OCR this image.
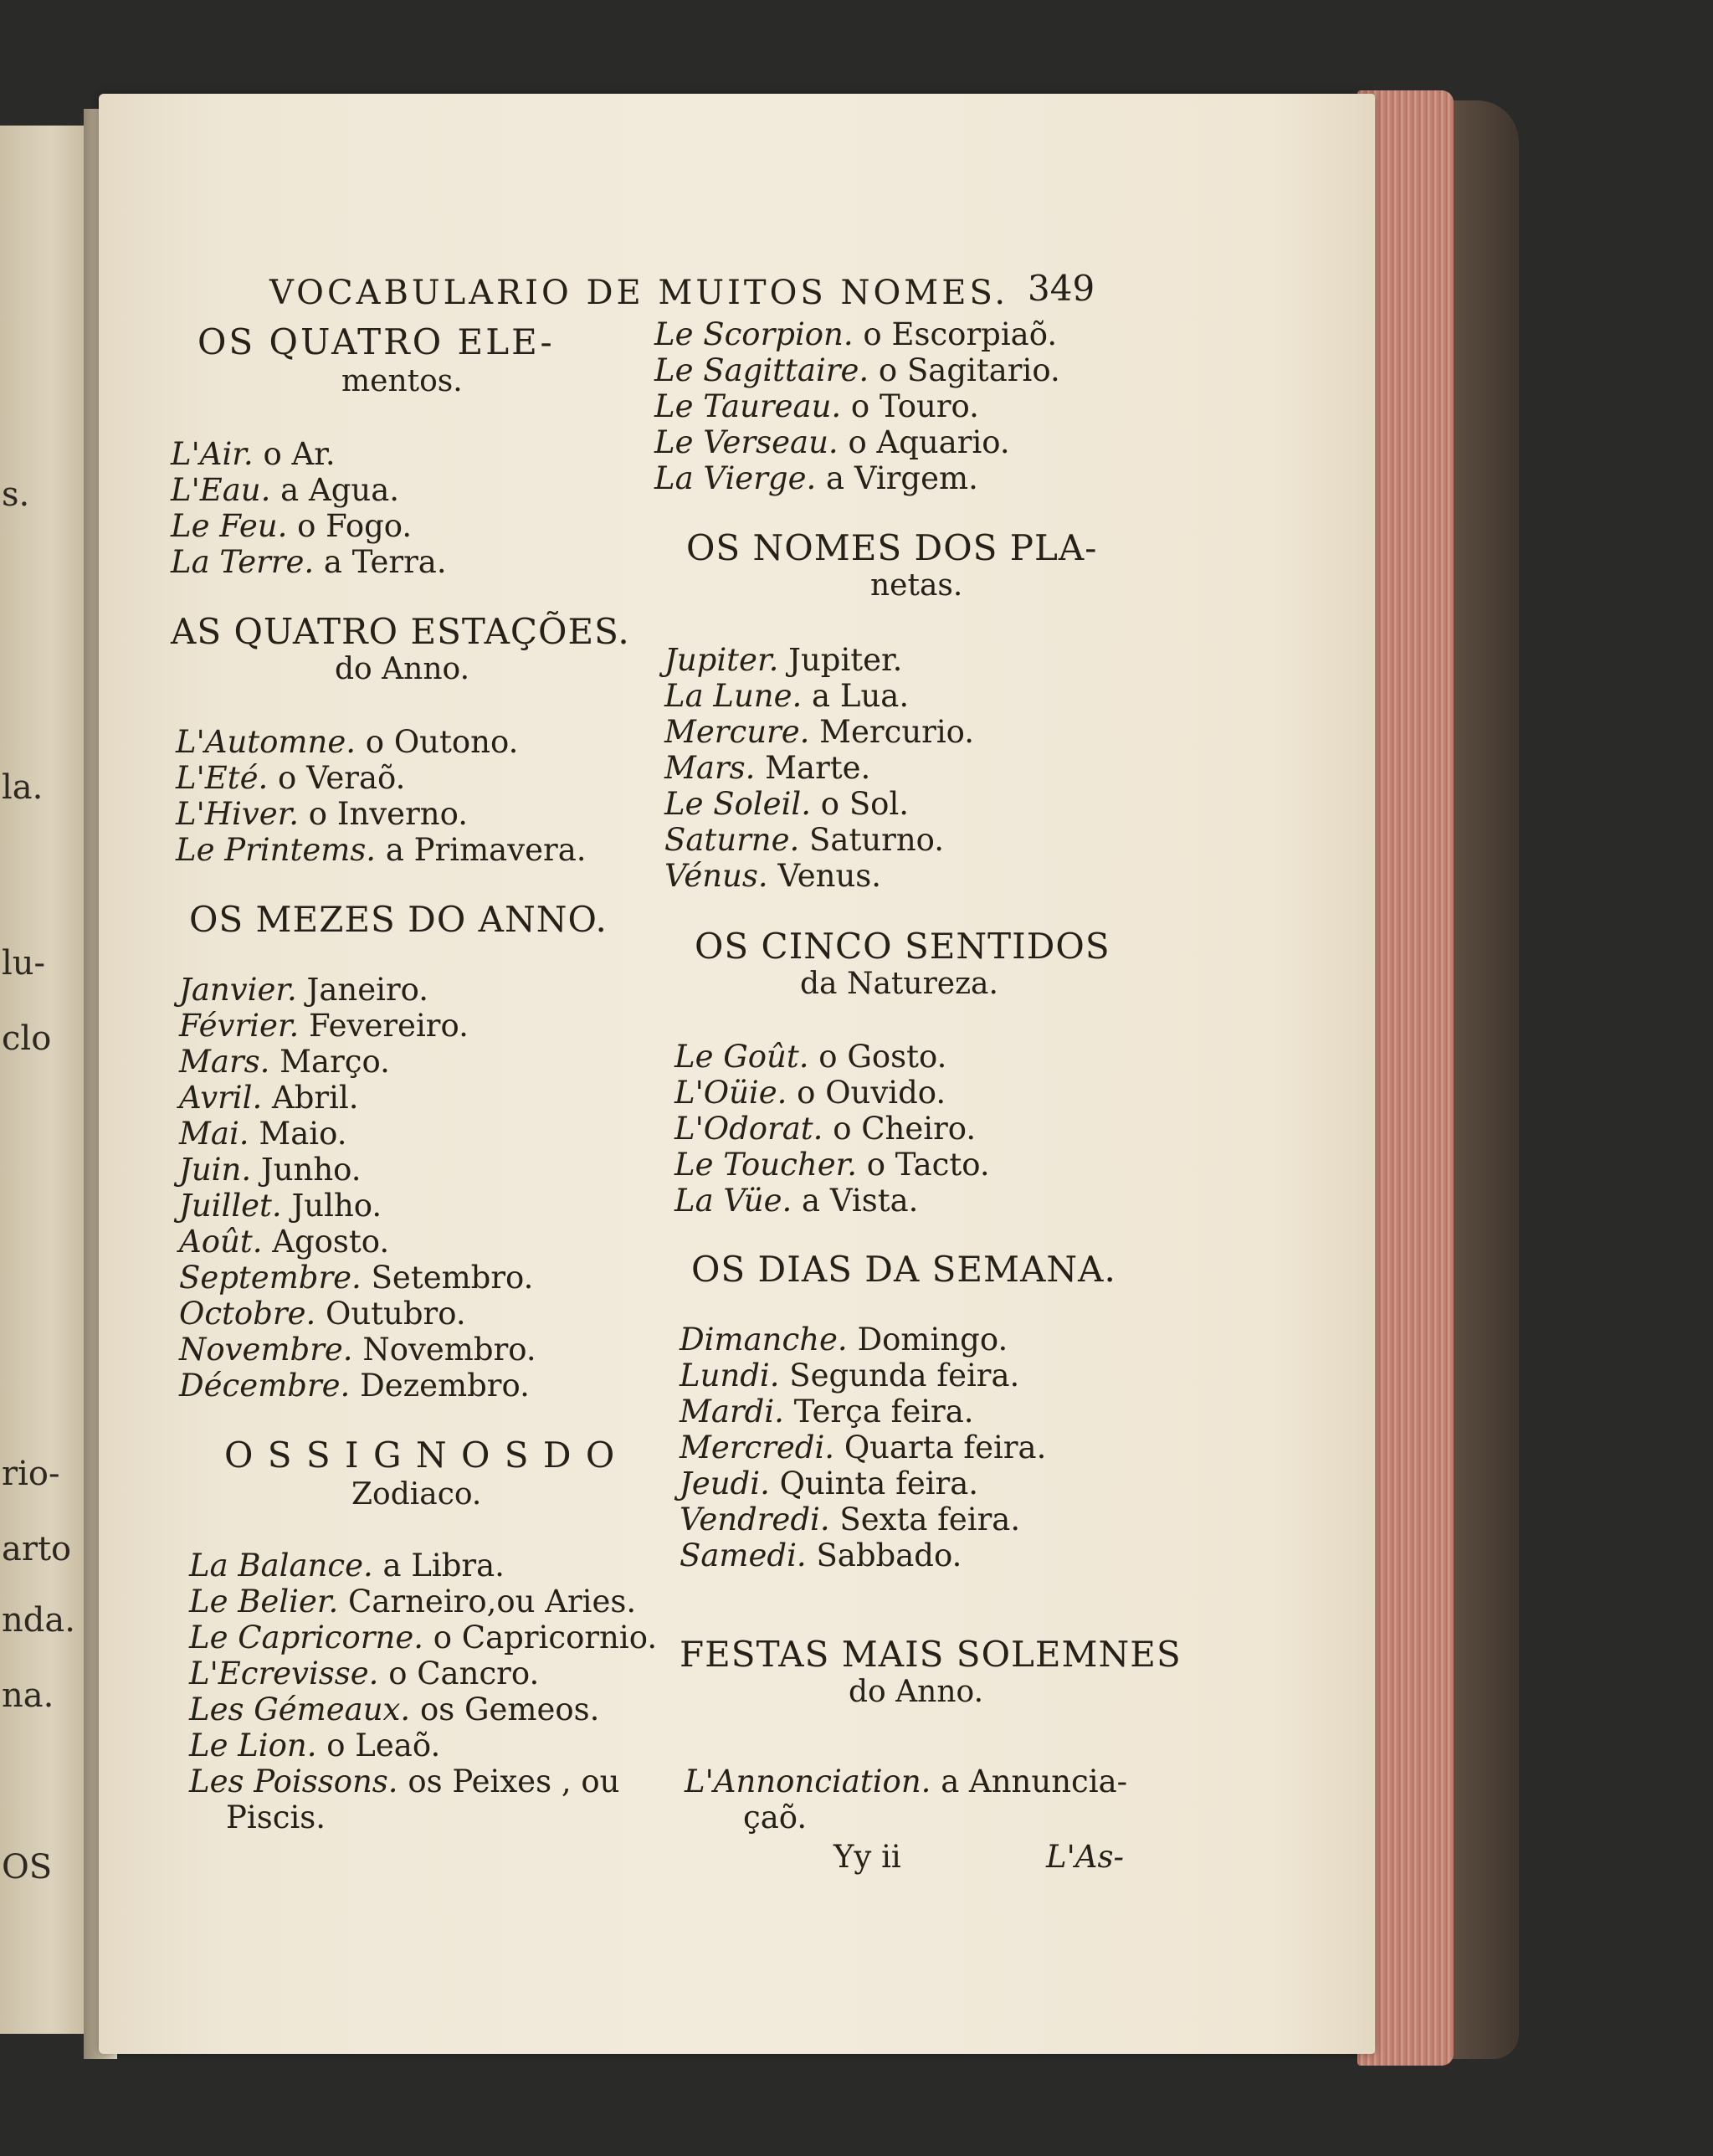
s.
la.
lu-
clo
rio-
arto
nda.
na.
OS
VOCABULARIO DE MUITOS NOMES. 349
OS QUATRO ELE-
mentos.
L'Air. o Ar.
L'Eau. a Agua.
Le Feu. o Fogo.
La Terre. a Terra.
AS QUATRO ESTAÇÕES.
do Anno.
L'Automne. o Outono.
L'Eté. o Veraõ.
L'Hiver. o Inverno.
Le Printems. a Primavera.
OS MEZES DO ANNO.
Janvier. Janeiro.
Février. Fevereiro.
Mars. Março.
Avril. Abril.
Mai. Maio.
Juin. Junho.
Juillet. Julho.
Août. Agosto.
Septembre. Setembro.
Octobre. Outubro.
Novembre. Novembro.
Décembre. Dezembro.
O S S I G N O S D O
Zodiaco.
La Balance. a Libra.
Le Belier. Carneiro,ou Aries.
Le Capricorne. o Capricornio.
L'Ecrevisse. o Cancro.
Les Gémeaux. os Gemeos.
Le Lion. o Leaõ.
Les Poissons. os Peixes , ou
Piscis.
Le Scorpion. o Escorpiaõ.
Le Sagittaire. o Sagitario.
Le Taureau. o Touro.
Le Verseau. o Aquario.
La Vierge. a Virgem.
OS NOMES DOS PLA-
netas.
Jupiter. Jupiter.
La Lune. a Lua.
Mercure. Mercurio.
Mars. Marte.
Le Soleil. o Sol.
Saturne. Saturno.
Vénus. Venus.
OS CINCO SENTIDOS
da Natureza.
Le Goût. o Gosto.
L'Oüie. o Ouvido.
L'Odorat. o Cheiro.
Le Toucher. o Tacto.
La Vüe. a Vista.
OS DIAS DA SEMANA.
Dimanche. Domingo.
Lundi. Segunda feira.
Mardi. Terça feira.
Mercredi. Quarta feira.
Jeudi. Quinta feira.
Vendredi. Sexta feira.
Samedi. Sabbado.
FESTAS MAIS SOLEMNES
do Anno.
L'Annonciation. a Annuncia-
çaõ.
Yy ii	L'As-
